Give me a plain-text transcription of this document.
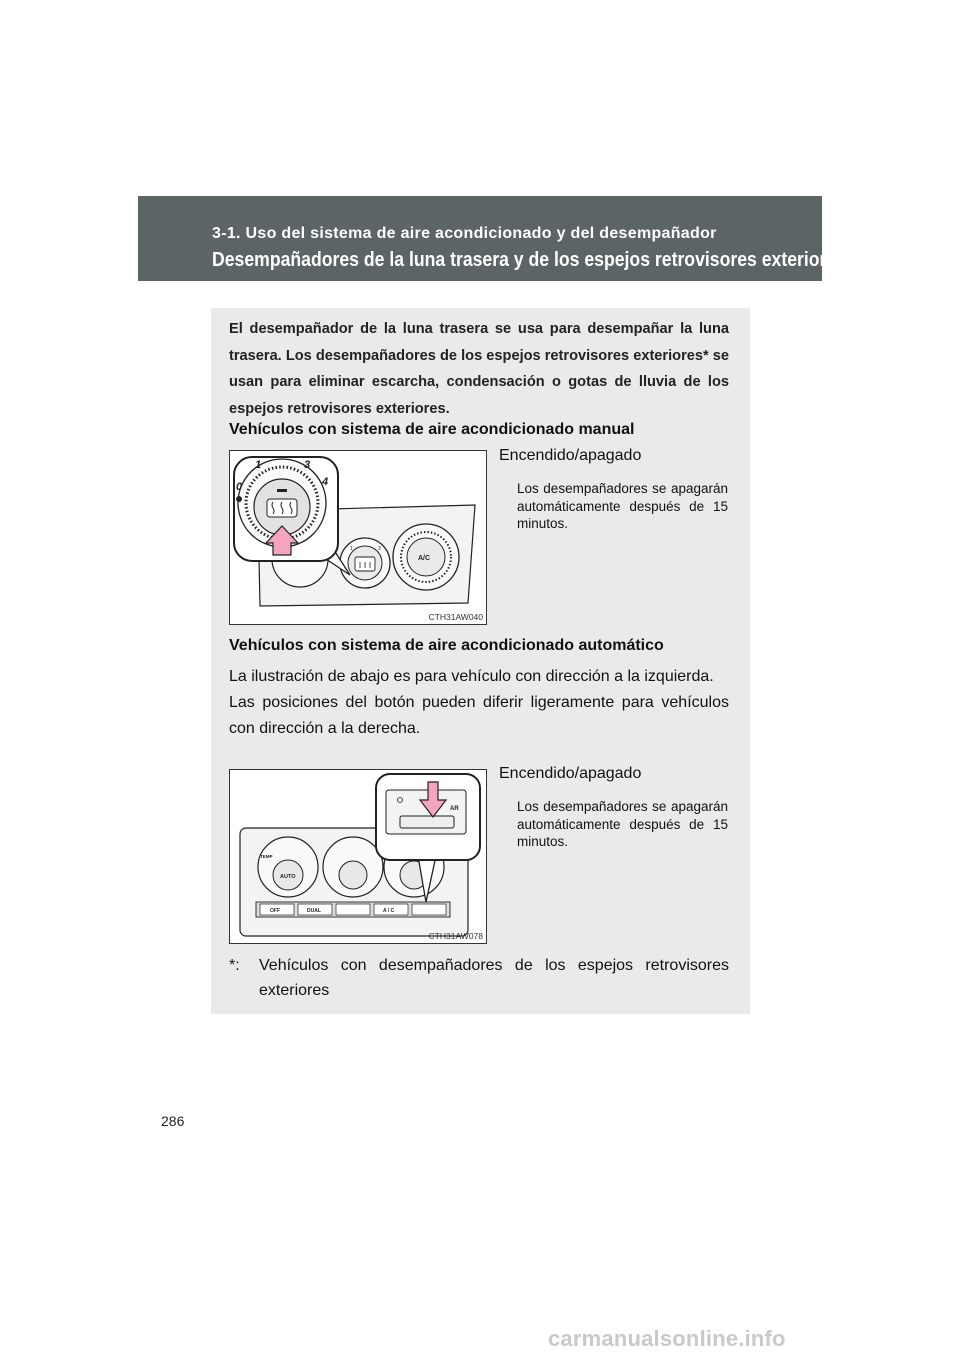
3-1. Uso del sistema de aire acondicionado y del desempañador
Desempañadores de la luna trasera y de los espejos retrovisores exteriores
El desempañador de la luna trasera se usa para desempañar la luna trasera. Los desempañadores de los espejos retrovisores exteriores* se usan para eliminar escarcha, condensación o gotas de lluvia de los espejos retrovisores exteriores.
Vehículos con sistema de aire acondicionado manual
1	3
A/C
0
1	3
4
CTH31AW040
Encendido/apagado
Los desempañadores se apagarán automáticamente después de 15 minutos.
Vehículos con sistema de aire acondicionado automático
La ilustración de abajo es para vehículo con dirección a la izquierda.
Las posiciones del botón pueden diferir ligeramente para vehículos con dirección a la derecha.
AUTO
TEMP
OFF	DUAL	A / C
AR
CTH31AW078
Encendido/apagado
Los desempañadores se apagarán automáticamente después de 15 minutos.
*: Vehículos con desempañadores de los espejos retrovisores exteriores
286
carmanualsonline.info
